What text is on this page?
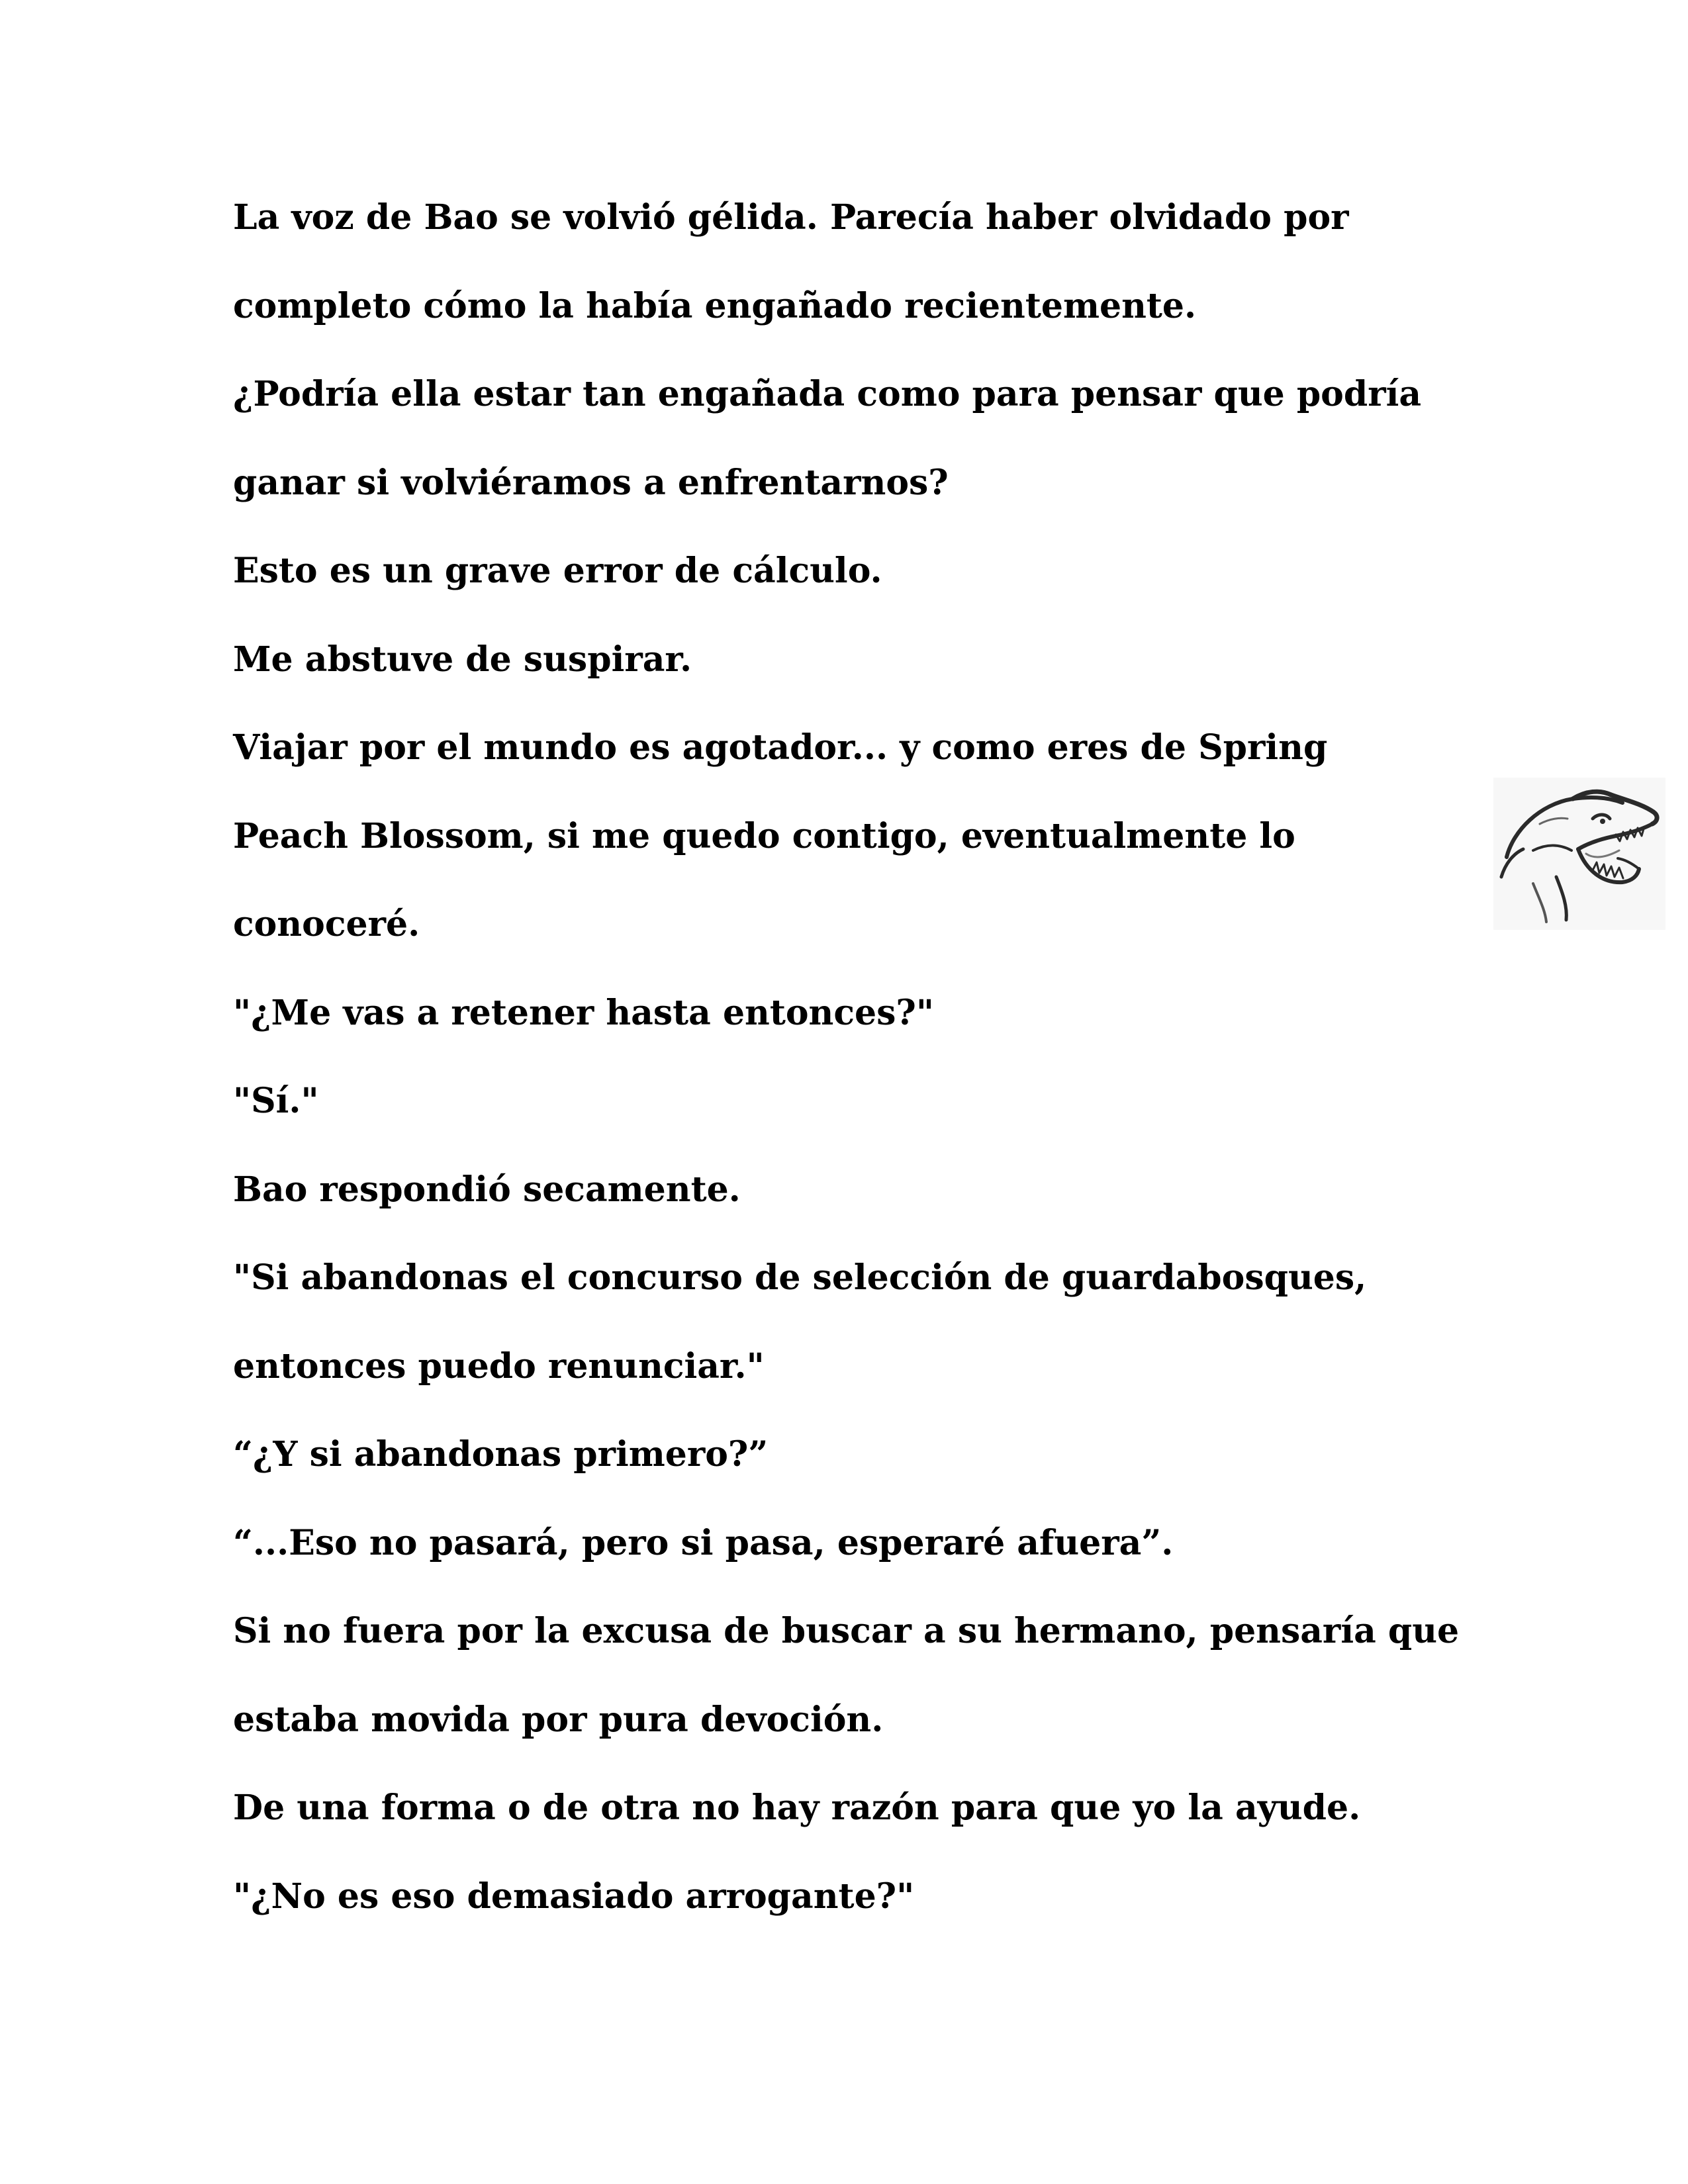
La voz de Bao se volvió gélida. Parecía haber olvidado por
completo cómo la había engañado recientemente.
¿Podría ella estar tan engañada como para pensar que podría
ganar si volviéramos a enfrentarnos?
Esto es un grave error de cálculo.
Me abstuve de suspirar.
Viajar por el mundo es agotador... y como eres de Spring
Peach Blossom, si me quedo contigo, eventualmente lo
conoceré.
"¿Me vas a retener hasta entonces?"
"Sí."
Bao respondió secamente.
"Si abandonas el concurso de selección de guardabosques,
entonces puedo renunciar."
“¿Y si abandonas primero?”
“...Eso no pasará, pero si pasa, esperaré afuera”.
Si no fuera por la excusa de buscar a su hermano, pensaría que
estaba movida por pura devoción.
De una forma o de otra no hay razón para que yo la ayude.
"¿No es eso demasiado arrogante?"
